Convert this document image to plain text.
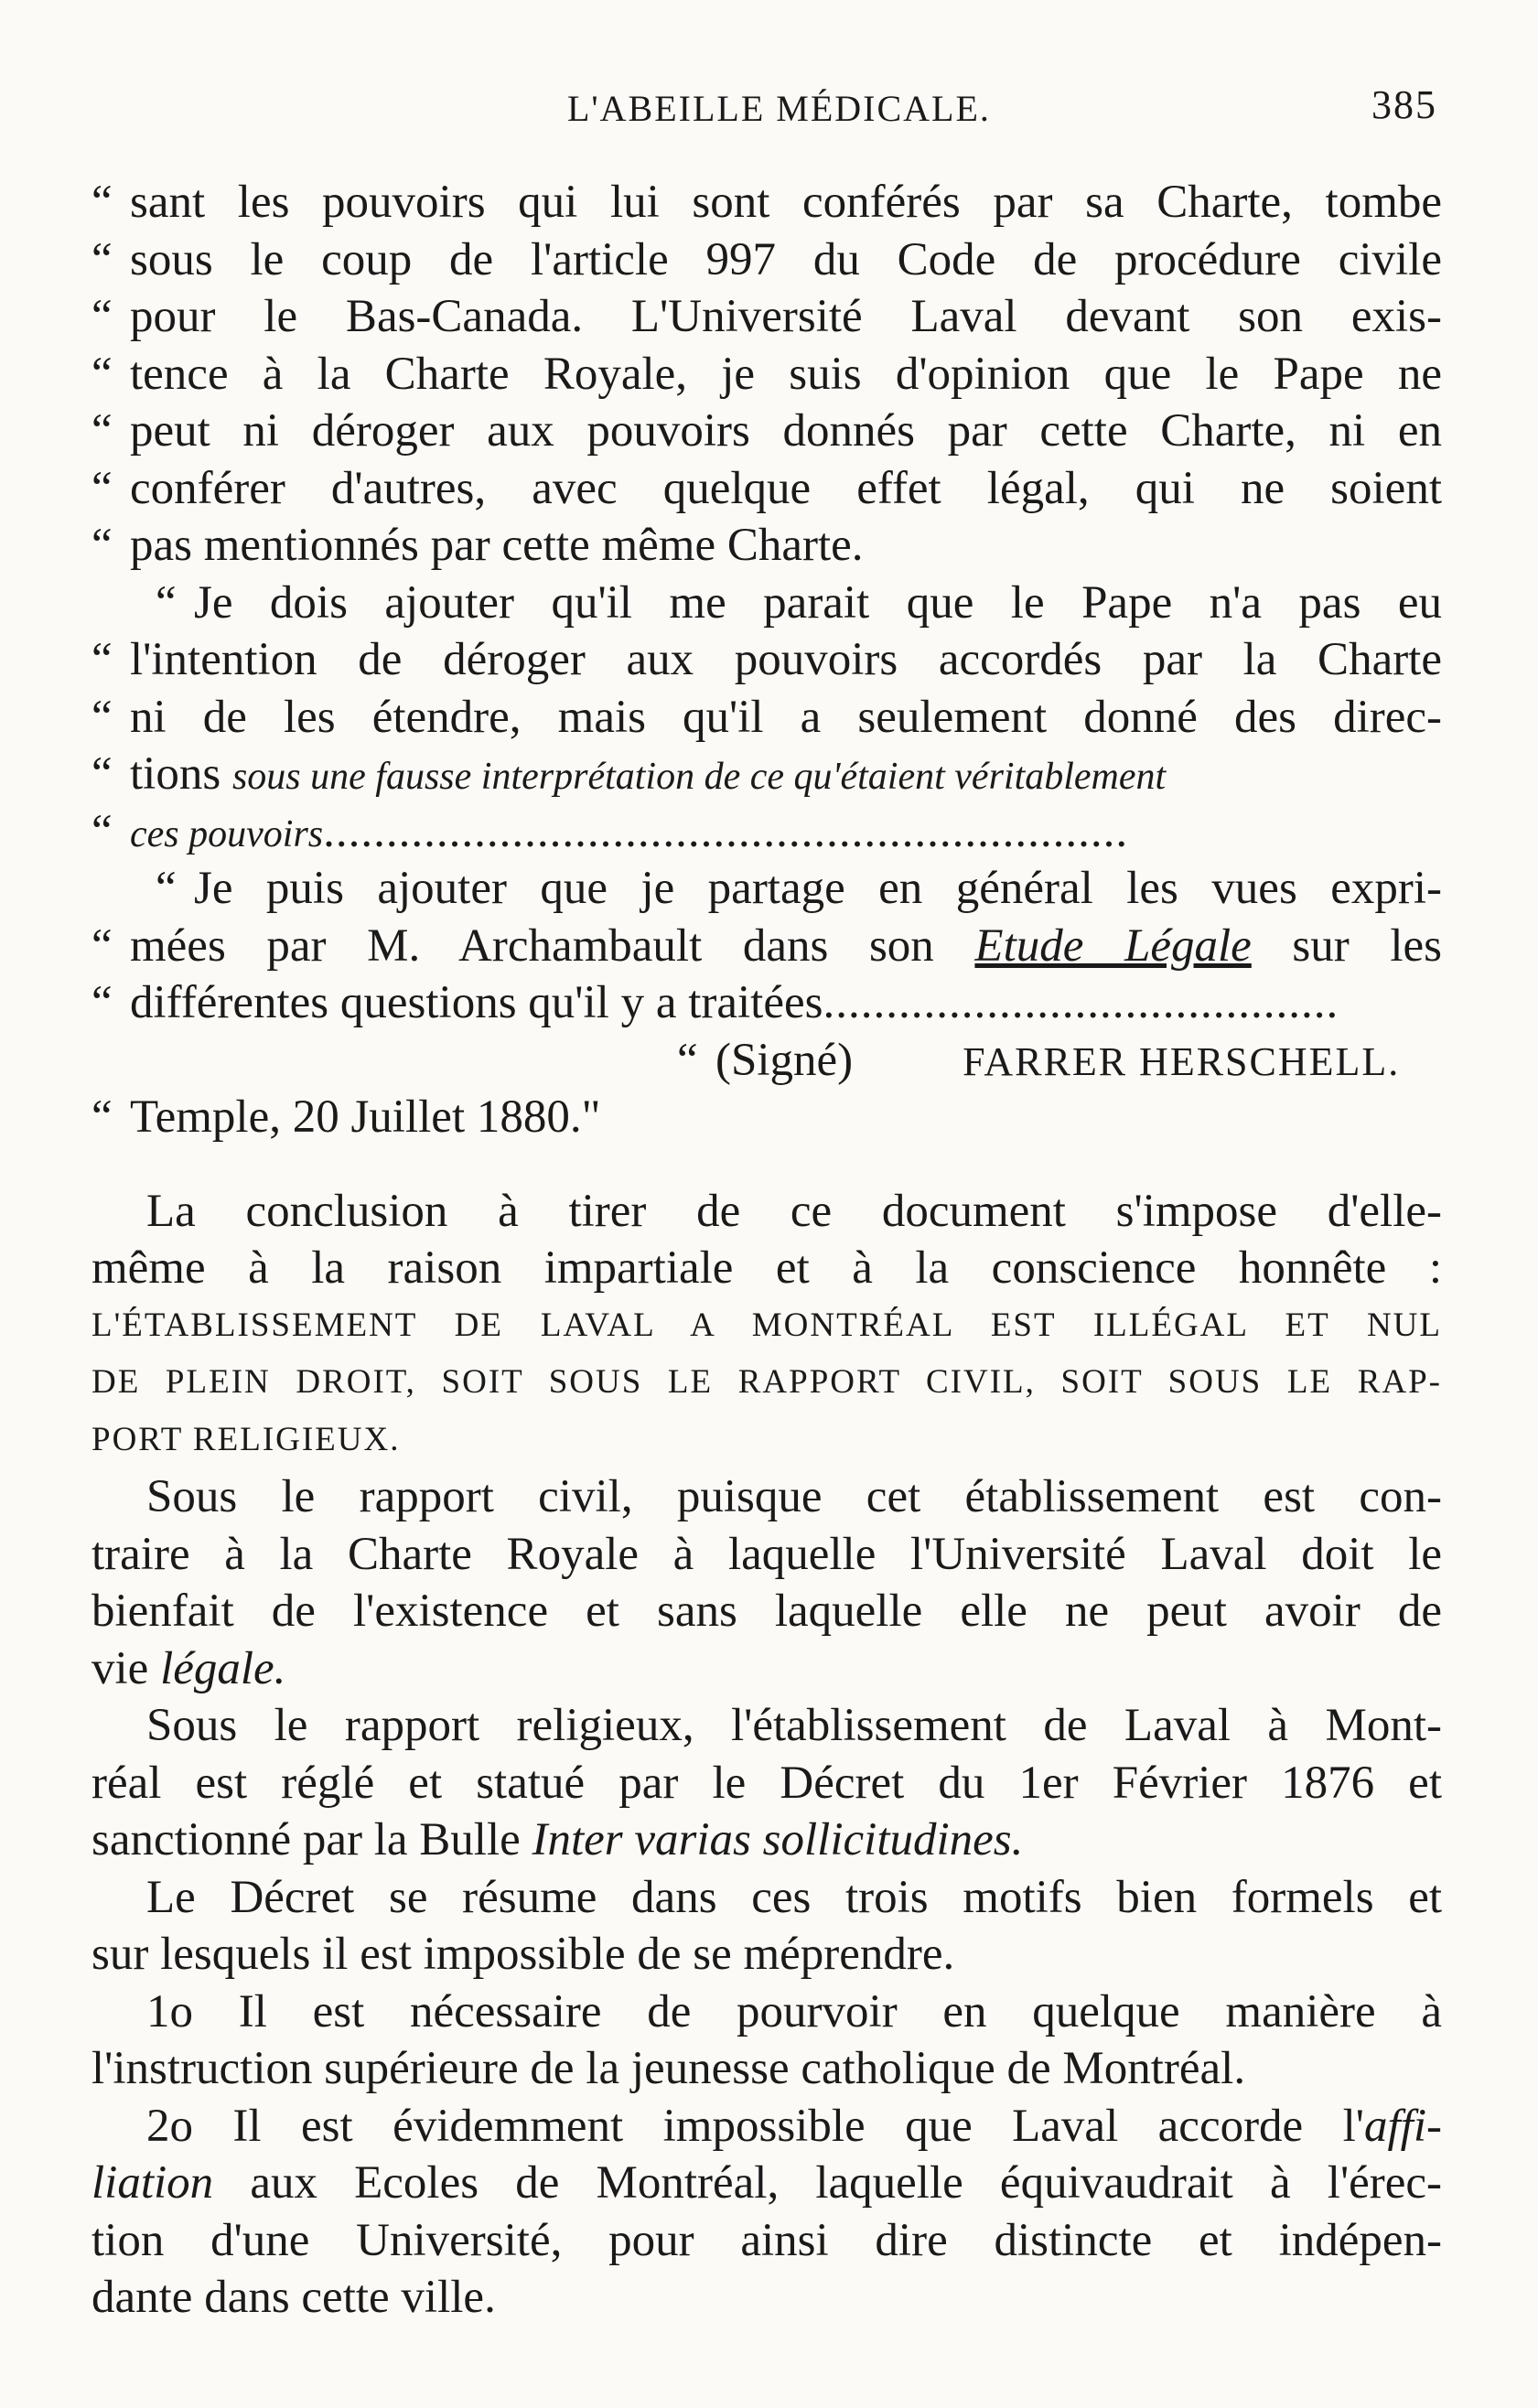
L'ABEILLE MÉDICALE.	385
“ sant les pouvoirs qui lui sont conférés par sa Charte, tombe
“ sous le coup de l'article 997 du Code de procédure civile
“ pour le Bas-Canada. L'Université Laval devant son exis-
“ tence à la Charte Royale, je suis d'opinion que le Pape ne
“ peut ni déroger aux pouvoirs donnés par cette Charte, ni en
“ conférer d'autres, avec quelque effet légal, qui ne soient
“ pas mentionnés par cette même Charte.
“ Je dois ajouter qu'il me parait que le Pape n'a pas eu
“ l'intention de déroger aux pouvoirs accordés par la Charte
“ ni de les étendre, mais qu'il a seulement donné des direc-
“ tions sous une fausse interprétation de ce qu'étaient véritablement
“ ces pouvoirs................................................................
“ Je puis ajouter que je partage en général les vues expri-
“ mées par M. Archambault dans son Etude Légale sur les
“ différentes questions qu'il y a traitées.........................................
“ (Signé)	FARRER HERSCHELL.
“ Temple, 20 Juillet 1880."
La conclusion à tirer de ce document s'impose d'elle-
même à la raison impartiale et à la conscience honnête :
L'ÉTABLISSEMENT DE LAVAL A MONTRÉAL EST ILLÉGAL ET NUL
DE PLEIN DROIT, SOIT SOUS LE RAPPORT CIVIL, SOIT SOUS LE RAP-
PORT RELIGIEUX.
Sous le rapport civil, puisque cet établissement est con-
traire à la Charte Royale à laquelle l'Université Laval doit le
bienfait de l'existence et sans laquelle elle ne peut avoir de
vie légale.
Sous le rapport religieux, l'établissement de Laval à Mont-
réal est réglé et statué par le Décret du 1er Février 1876 et
sanctionné par la Bulle Inter varias sollicitudines.
Le Décret se résume dans ces trois motifs bien formels et
sur lesquels il est impossible de se méprendre.
1o Il est nécessaire de pourvoir en quelque manière à
l'instruction supérieure de la jeunesse catholique de Montréal.
2o Il est évidemment impossible que Laval accorde l'affi-
liation aux Ecoles de Montréal, laquelle équivaudrait à l'érec-
tion d'une Université, pour ainsi dire distincte et indépen-
dante dans cette ville.
